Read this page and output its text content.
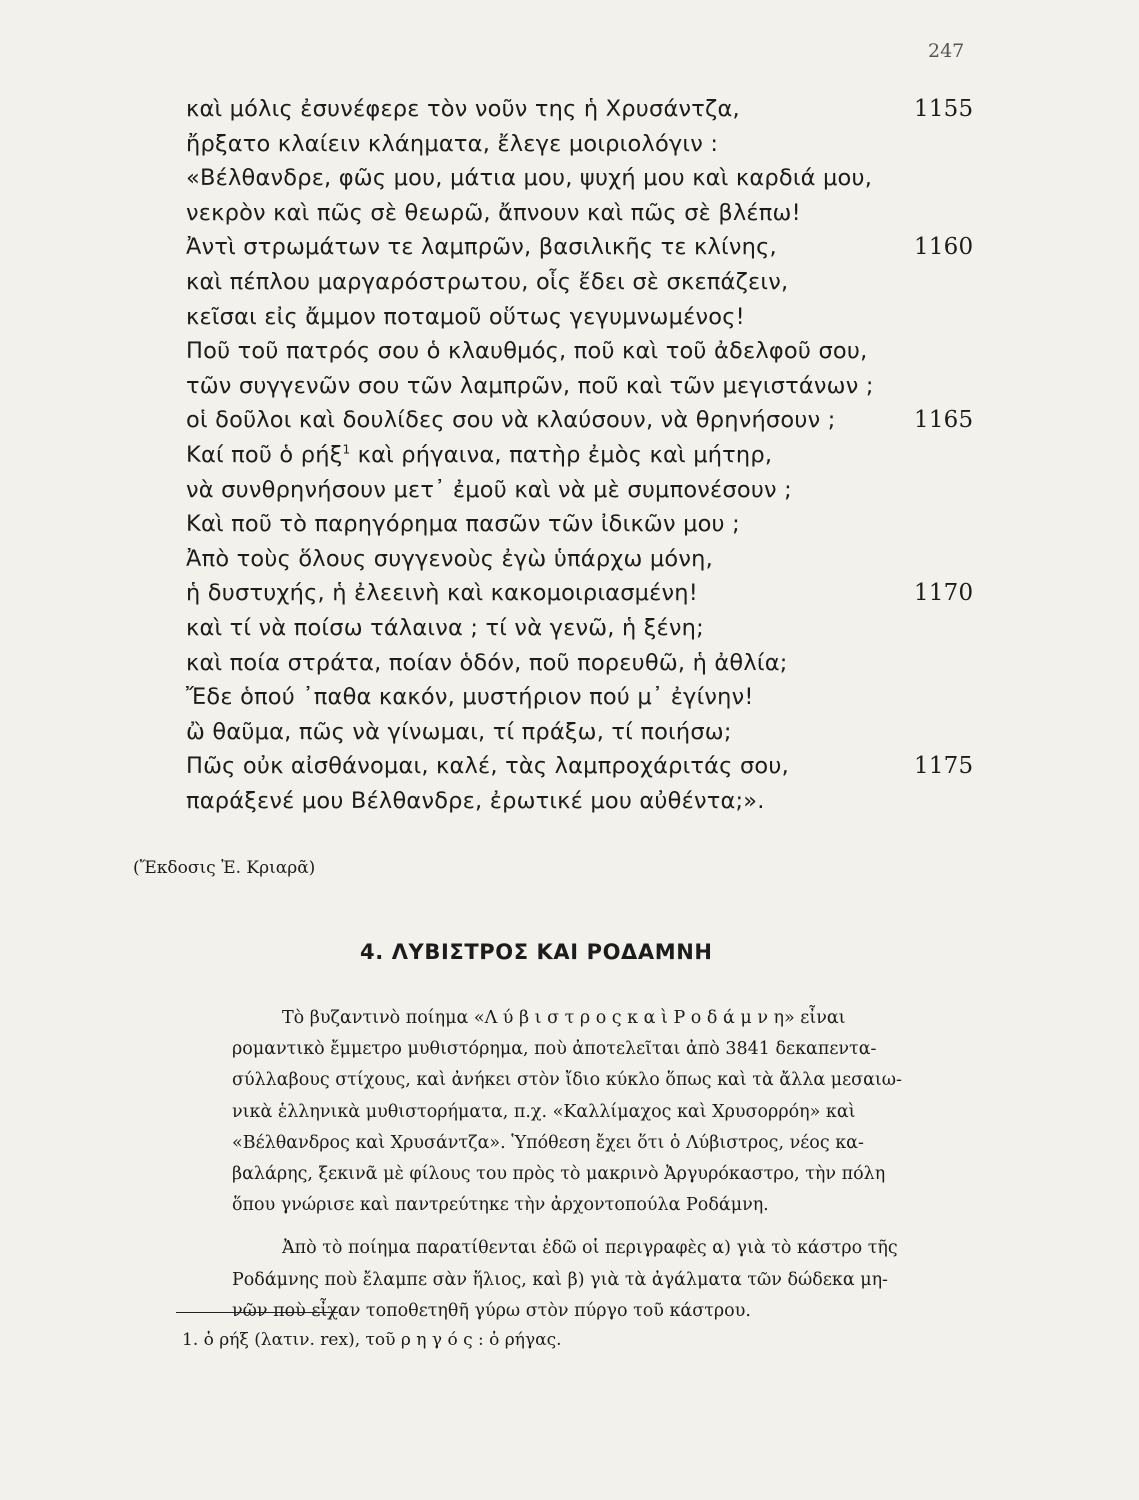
247
καὶ μόλις ἐσυνέφερε τὸν νοῦν της ἡ Χρυσάντζα,	1155
ἤρξατο κλαίειν κλάηματα, ἔλεγε μοιριολόγιν :
«Βέλθανδρε, φῶς μου, μάτια μου, ψυχή μου καὶ καρδιά μου,
νεκρὸν καὶ πῶς σὲ θεωρῶ, ἄπνουν καὶ πῶς σὲ βλέπω!
Ἀντὶ στρωμάτων τε λαμπρῶν, βασιλικῆς τε κλίνης,	1160
καὶ πέπλου μαργαρόστρωτου, οἷς ἔδει σὲ σκεπάζειν,
κεῖσαι εἰς ἄμμον ποταμοῦ οὕτως γεγυμνωμένος!
Ποῦ τοῦ πατρός σου ὁ κλαυθμός, ποῦ καὶ τοῦ ἀδελφοῦ σου,
τῶν συγγενῶν σου τῶν λαμπρῶν, ποῦ καὶ τῶν μεγιστάνων ;
οἱ δοῦλοι καὶ δουλίδες σου νὰ κλαύσουν, νὰ θρηνήσουν ;	1165
Καί ποῦ ὁ ρήξ$^1$ καὶ ρήγαινα, πατὴρ ἐμὸς καὶ μήτηρ,
νὰ συνθρηνήσουν μετ᾽ ἐμοῦ καὶ νὰ μὲ συμπονέσουν ;
Καὶ ποῦ τὸ παρηγόρημα πασῶν τῶν ἰδικῶν μου ;
Ἀπὸ τοὺς ὅλους συγγενοὺς ἐγὼ ὑπάρχω μόνη,
ἡ δυστυχής, ἡ ἐλεεινὴ καὶ κακομοιριασμένη!	1170
καὶ τί νὰ ποίσω τάλαινα ; τί νὰ γενῶ, ἡ ξένη;
καὶ ποία στράτα, ποίαν ὁδόν, ποῦ πορευθῶ, ἡ ἀθλία;
Ἔδε ὁπού ᾽παθα κακόν, μυστήριον πού μ᾽ ἐγίνην!
ὢ θαῦμα, πῶς νὰ γίνωμαι, τί πράξω, τί ποιήσω;
Πῶς οὐκ αἰσθάνομαι, καλέ, τὰς λαμπροχάριτάς σου,	1175
παράξενέ μου Βέλθανδρε, ἐρωτικέ μου αὐθέντα;».
(Ἔκδοσις Ἐ. Κριαρᾶ)
4. ΛΥΒΙΣΤΡΟΣ ΚΑΙ ΡΟΔΑΜΝΗ
Τὸ βυζαντινὸ ποίημα «Λ ύ β ι σ τ ρ ο ς κ α ὶ Ρ ο δ ά μ ν η» εἶναι
ρομαντικὸ ἔμμετρο μυθιστόρημα, ποὺ ἀποτελεῖται ἀπὸ 3841 δεκαπεντα-
σύλλαβους στίχους, καὶ ἀνήκει στὸν ἴδιο κύκλο ὅπως καὶ τὰ ἄλλα μεσαιω-
νικὰ ἑλληνικὰ μυθιστορήματα, π.χ. «Καλλίμαχος καὶ Χρυσορρόη» καὶ
«Βέλθανδρος καὶ Χρυσάντζα». Ὑπόθεση ἔχει ὅτι ὁ Λύβιστρος, νέος κα-
βαλάρης, ξεκινᾶ μὲ φίλους του πρὸς τὸ μακρινὸ Ἀργυρόκαστρο, τὴν πόλη
ὅπου γνώρισε καὶ παντρεύτηκε τὴν ἀρχοντοπούλα Ροδάμνη.
Ἀπὸ τὸ ποίημα παρατίθενται ἐδῶ οἱ περιγραφὲς α) γιὰ τὸ κάστρο τῆς
Ροδάμνης ποὺ ἔλαμπε σὰν ἥλιος, καὶ β) γιὰ τὰ ἀγάλματα τῶν δώδεκα μη-
νῶν ποὺ εἶχαν τοποθετηθῆ γύρω στὸν πύργο τοῦ κάστρου.
1. ὁ ρήξ (λατιν. rex), τοῦ ρ η γ ό ς : ὁ ρήγας.
